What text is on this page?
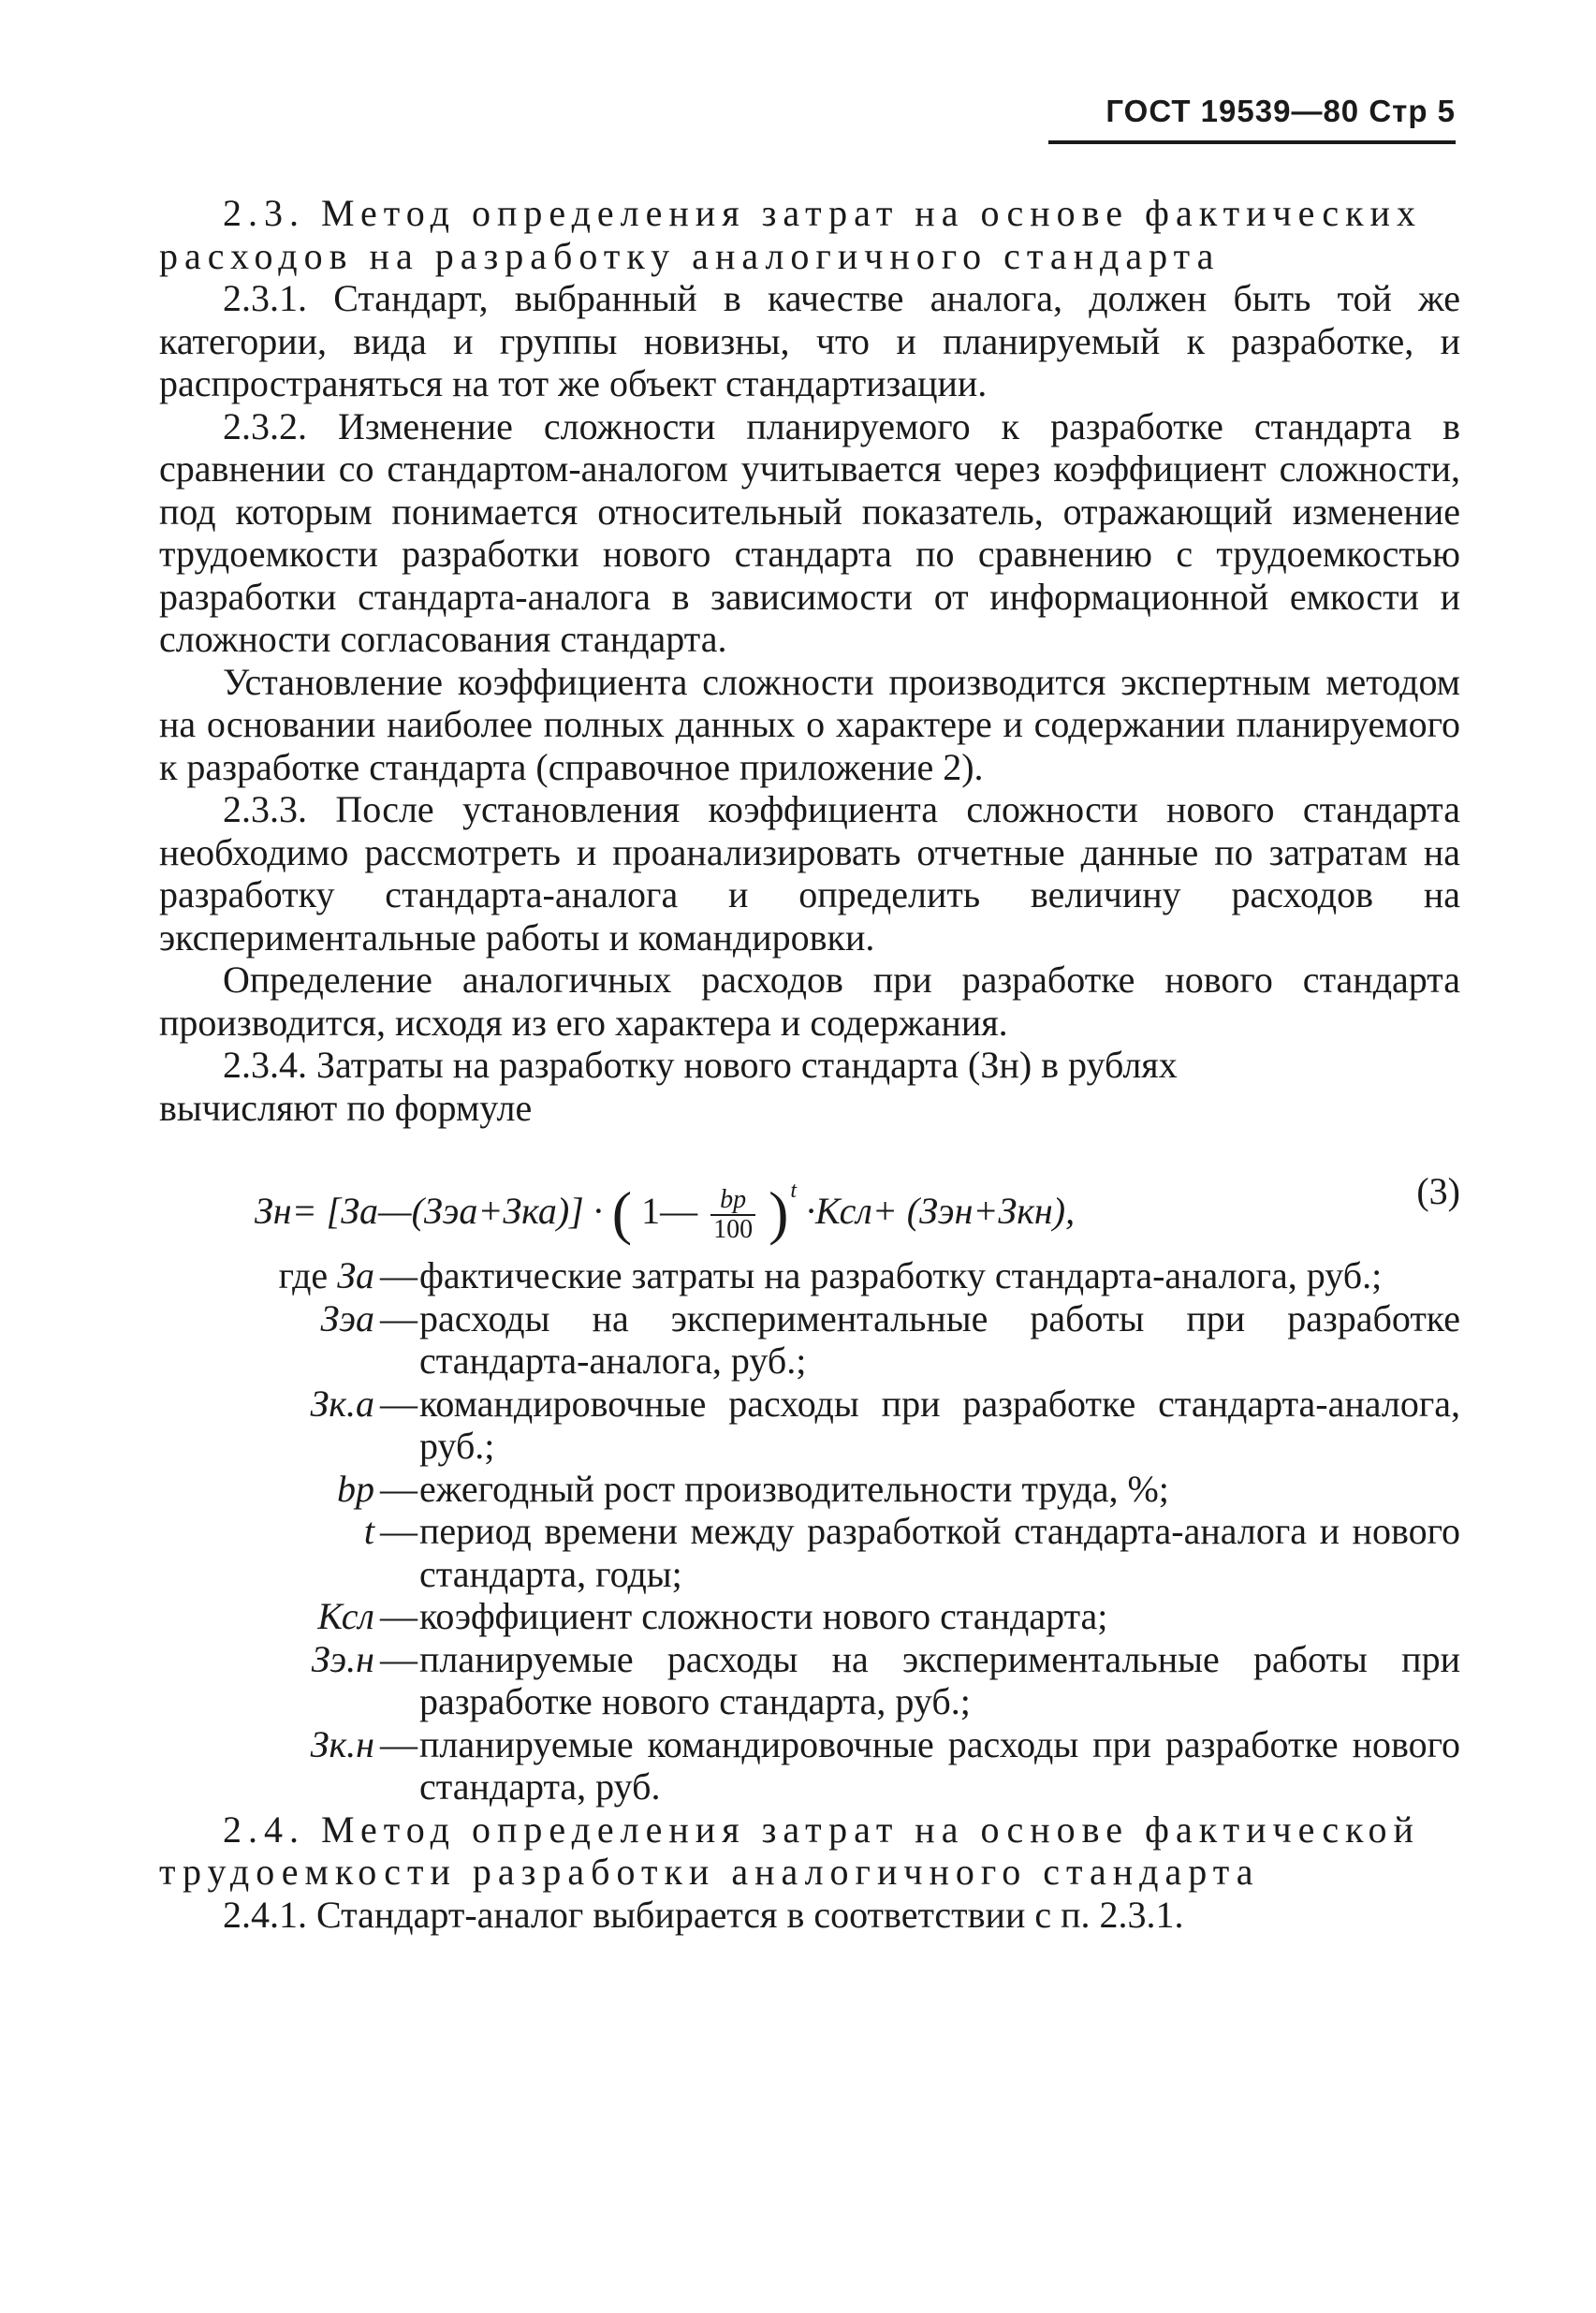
ГОСТ 19539—80 Стр 5

2.3. Метод определения затрат на основе фактических расходов на разработку аналогичного стандарта

2.3.1. Стандарт, выбранный в качестве аналога, должен быть той же категории, вида и группы новизны, что и планируемый к разработке, и распространяться на тот же объект стандартизации.

2.3.2. Изменение сложности планируемого к разработке стандарта в сравнении со стандартом-аналогом учитывается через коэффициент сложности, под которым понимается относительный показатель, отражающий изменение трудоемкости разработки нового стандарта по сравнению с трудоемкостью разработки стандарта-аналога в зависимости от информационной емкости и сложности согласования стандарта.

Установление коэффициента сложности производится экспертным методом на основании наиболее полных данных о характере и содержании планируемого к разработке стандарта (справочное приложение 2).

2.3.3. После установления коэффициента сложности нового стандарта необходимо рассмотреть и проанализировать отчетные данные по затратам на разработку стандарта-аналога и определить величину расходов на экспериментальные работы и командировки.

Определение аналогичных расходов при разработке нового стандарта производится, исходя из его характера и содержания.

2.3.4. Затраты на разработку нового стандарта (Зн) в рублях

вычисляют по формуле

Зн= [За—(Зэа+Зка)] · ( 1— $\frac{bр}{100} )^t \cdot Ксл+ (Зэн+Зкн)$,	(3)
где За — фактические затраты на разработку стандарта-аналога, руб.;
Зэа — расходы на экспериментальные работы при разработке стандарта-аналога, руб.;
Зк.а — командировочные расходы при разработке стандарта-аналога, руб.;
bр — ежегодный рост производительности труда, %;
t — период времени между разработкой стандарта-аналога и нового стандарта, годы;
Ксл — коэффициент сложности нового стандарта;
Зэ.н — планируемые расходы на экспериментальные работы при разработке нового стандарта, руб.;
Зк.н — планируемые командировочные расходы при разработке нового стандарта, руб.

2.4. Метод определения затрат на основе фактической трудоемкости разработки аналогичного стандарта

2.4.1. Стандарт-аналог выбирается в соответствии с п. 2.3.1.
